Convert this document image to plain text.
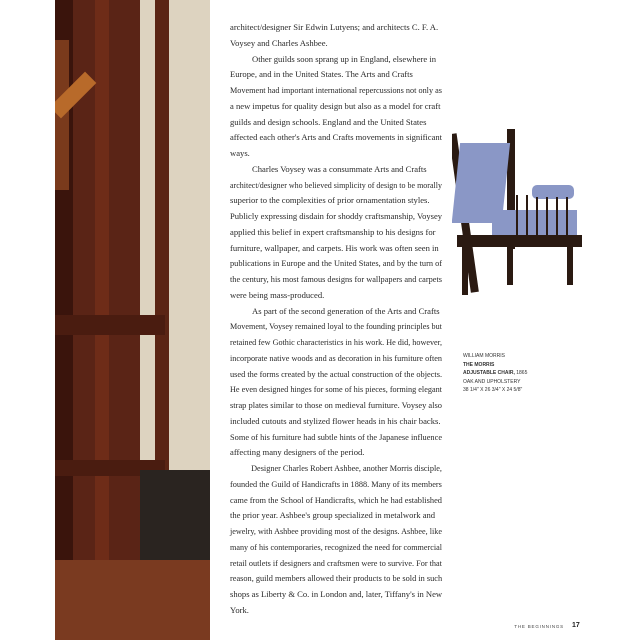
architect/designer Sir Edwin Lutyens; and architects C. F. A.
Voysey and Charles Ashbee.
Other guilds soon sprang up in England, elsewhere in
Europe, and in the United States. The Arts and Crafts
Movement had important international repercussions not only as
a new impetus for quality design but also as a model for craft
guilds and design schools. England and the United States
affected each other's Arts and Crafts movements in significant
ways.
Charles Voysey was a consummate Arts and Crafts
architect/designer who believed simplicity of design to be morally
superior to the complexities of prior ornamentation styles.
Publicly expressing disdain for shoddy craftsmanship, Voysey
applied this belief in expert craftsmanship to his designs for
furniture, wallpaper, and carpets. His work was often seen in
publications in Europe and the United States, and by the turn of
the century, his most famous designs for wallpapers and carpets
were being mass-produced.
As part of the second generation of the Arts and Crafts
Movement, Voysey remained loyal to the founding principles but
retained few Gothic characteristics in his work. He did, however,
incorporate native woods and as decoration in his furniture often
used the forms created by the actual construction of the objects.
He even designed hinges for some of his pieces, forming elegant
strap plates similar to those on medieval furniture. Voysey also
included cutouts and stylized flower heads in his chair backs.
Some of his furniture had subtle hints of the Japanese influence
affecting many designers of the period.
Designer Charles Robert Ashbee, another Morris disciple,
founded the Guild of Handicrafts in 1888. Many of its members
came from the School of Handicrafts, which he had established
the prior year. Ashbee's group specialized in metalwork and
jewelry, with Ashbee providing most of the designs. Ashbee, like
many of his contemporaries, recognized the need for commercial
retail outlets if designers and craftsmen were to survive. For that
reason, guild members allowed their products to be sold in such
shops as Liberty & Co. in London and, later, Tiffany's in New
York.
WILLIAM MORRIS
THE MORRIS
ADJUSTABLE CHAIR, 1865
OAK AND UPHOLSTERY
38 1/4" X 26 3/4" X 24 5/8"
THE BEGINNINGS 17
